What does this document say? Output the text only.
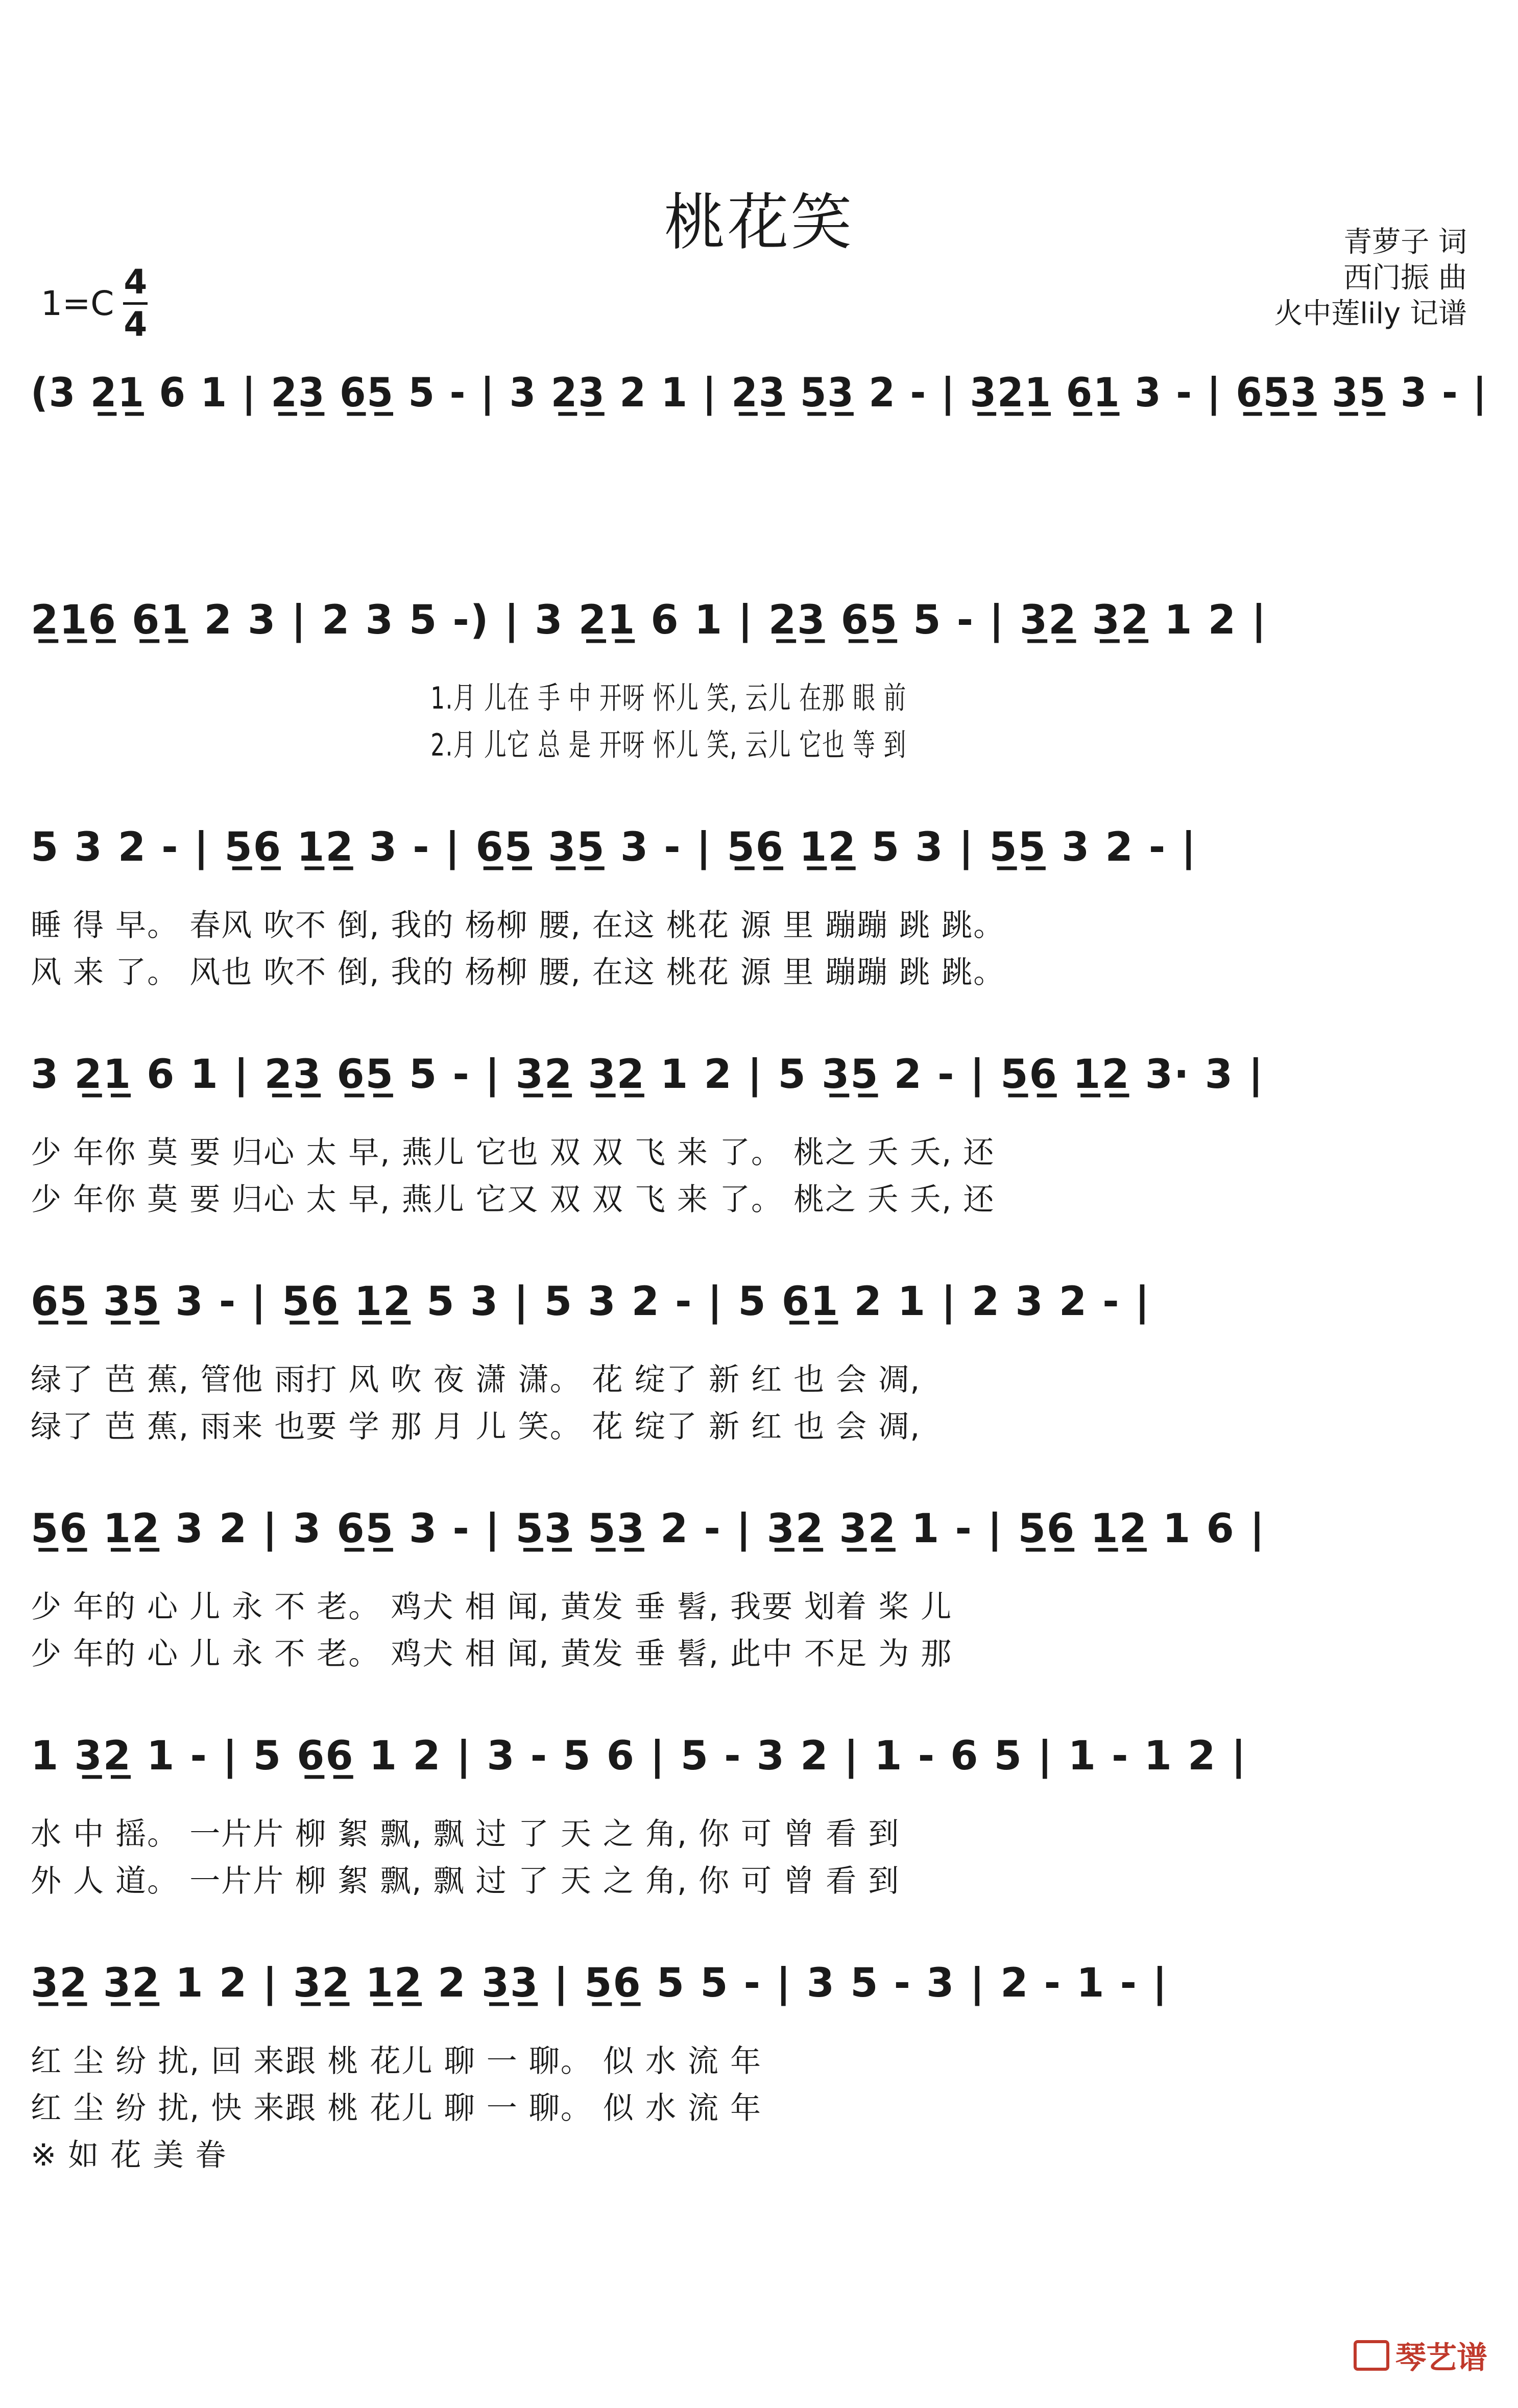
桃花笑	青萝子 词
西门振 曲
火中莲lily 记谱
1=C
4
4
(3 2̲1̲ 6 1 | 2̲3̲ 6̲5̲ 5 - | 3 2̲3̲ 2 1 | 2̲3̲ 5̲3̲ 2 - | 3̲2̲1̲ 6̲1̲ 3 - | 6̲5̲3̲ 3̲5̲ 3 - |
2̲1̲6̲ 6̲1̲ 2 3 | 2 3 5 -) | 3 2̲1̲ 6 1 | 2̲3̲ 6̲5̲ 5 - | 3̲2̲ 3̲2̲ 1 2 |
1.月 儿在 手 中 开呀 怀儿 笑, 云儿 在那 眼 前
2.月 儿它 总 是 开呀 怀儿 笑, 云儿 它也 等 到
5 3 2 - | 5̲6̲ 1̲2̲ 3 - | 6̲5̲ 3̲5̲ 3 - | 5̲6̲ 1̲2̲ 5 3 | 5̲5̲ 3 2 - |
睡 得 早。 春风 吹不 倒, 我的 杨柳 腰, 在这 桃花 源 里 蹦蹦 跳 跳。
风 来 了。 风也 吹不 倒, 我的 杨柳 腰, 在这 桃花 源 里 蹦蹦 跳 跳。
3 2̲1̲ 6 1 | 2̲3̲ 6̲5̲ 5 - | 3̲2̲ 3̲2̲ 1 2 | 5 3̲5̲ 2 - | 5̲6̲ 1̲2̲ 3· 3 |
少 年你 莫 要 归心 太 早, 燕儿 它也 双 双 飞 来 了。 桃之 夭 夭, 还
少 年你 莫 要 归心 太 早, 燕儿 它又 双 双 飞 来 了。 桃之 夭 夭, 还
6̲5̲ 3̲5̲ 3 - | 5̲6̲ 1̲2̲ 5 3 | 5 3 2 - | 5 6̲1̲ 2 1 | 2 3 2 - |
绿了 芭 蕉, 管他 雨打 风 吹 夜 潇 潇。 花 绽了 新 红 也 会 凋,
绿了 芭 蕉, 雨来 也要 学 那 月 儿 笑。 花 绽了 新 红 也 会 凋,
5̲6̲ 1̲2̲ 3 2 | 3 6̲5̲ 3 - | 5̲3̲ 5̲3̲ 2 - | 3̲2̲ 3̲2̲ 1 - | 5̲6̲ 1̲2̲ 1 6 |
少 年的 心 儿 永 不 老。 鸡犬 相 闻, 黄发 垂 髫, 我要 划着 桨 儿
少 年的 心 儿 永 不 老。 鸡犬 相 闻, 黄发 垂 髫, 此中 不足 为 那
1 3̲2̲ 1 - | 5 6̲6̲ 1 2 | 3 - 5 6 | 5 - 3 2 | 1 - 6 5 | 1 - 1 2 |
水 中 摇。 一片片 柳 絮 飘, 飘 过 了 天 之 角, 你 可 曾 看 到
外 人 道。 一片片 柳 絮 飘, 飘 过 了 天 之 角, 你 可 曾 看 到
3̲2̲ 3̲2̲ 1 2 | 3̲2̲ 1̲2̲ 2 3̲3̲ | 5̲6̲ 5 5 - | 3 5 - 3 | 2 - 1 - |
红 尘 纷 扰, 回 来跟 桃 花儿 聊 一 聊。 似 水 流 年
红 尘 纷 扰, 快 来跟 桃 花儿 聊 一 聊。 似 水 流 年
※ 如 花 美 眷
琴艺谱
